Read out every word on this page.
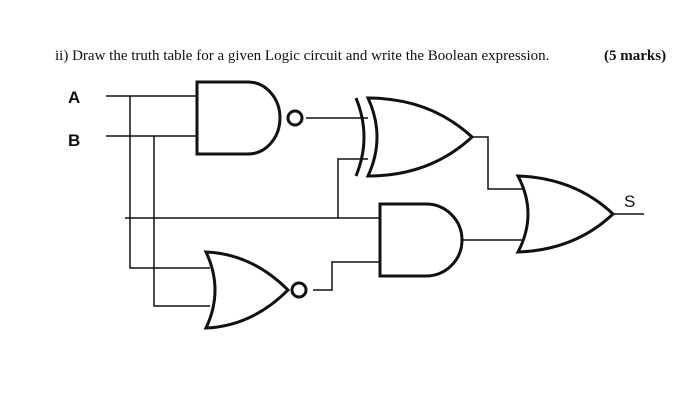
ii) Draw the truth table for a given Logic circuit and write the Boolean expression.	(5 marks)
A
B
S
